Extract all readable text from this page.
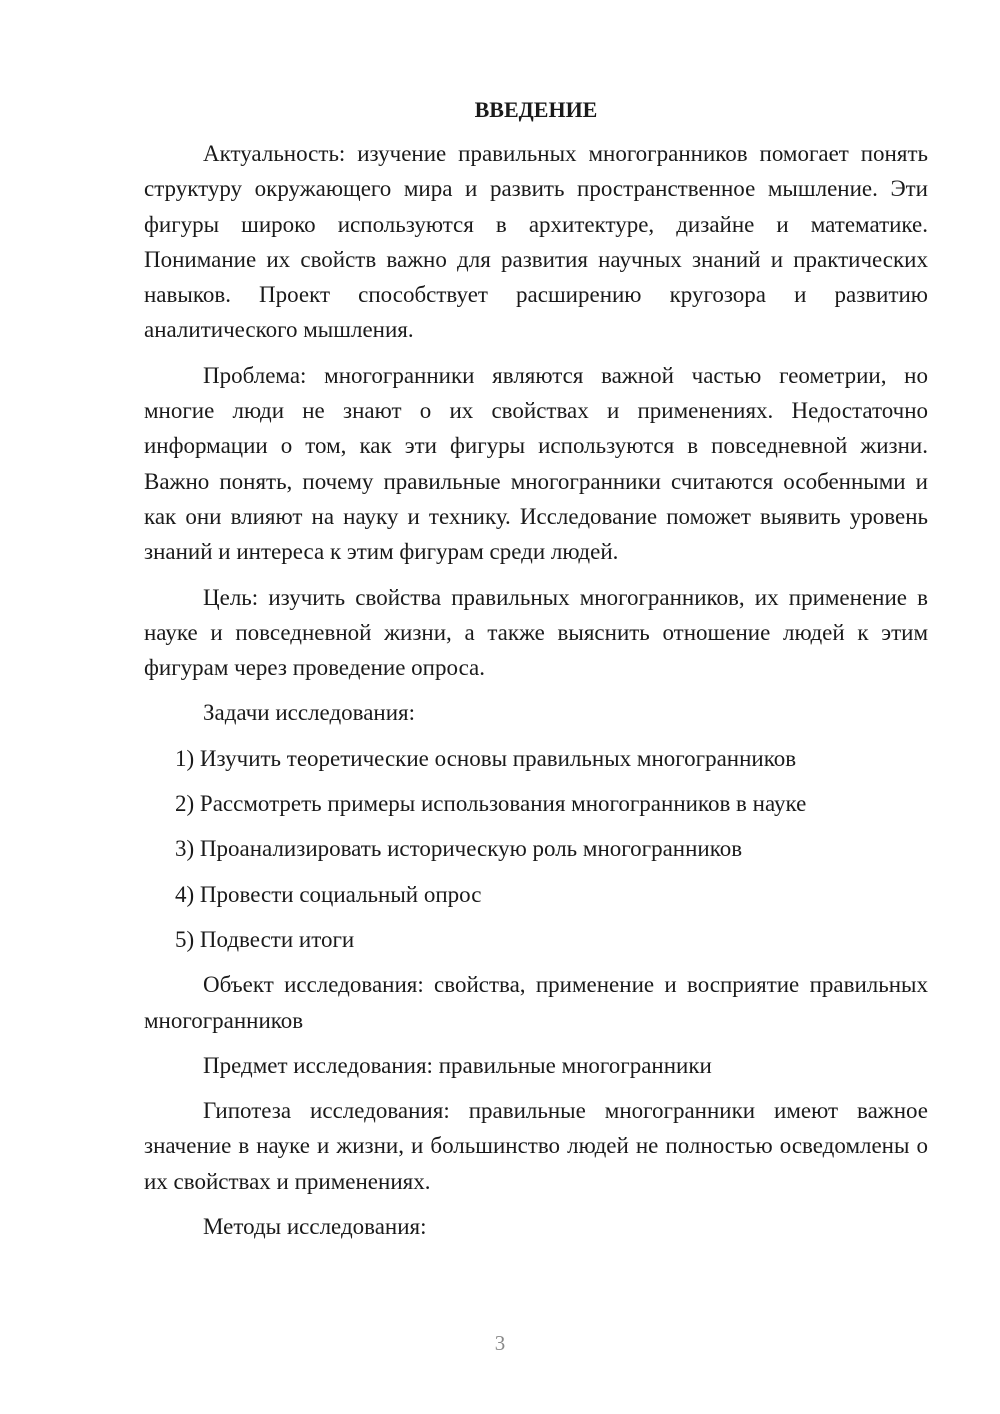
ВВЕДЕНИЕ

Актуальность: изучение правильных многогранников помогает понять структуру окружающего мира и развить пространственное мышление. Эти фигуры широко используются в архитектуре, дизайне и математике. Понимание их свойств важно для развития научных знаний и практических навыков. Проект способствует расширению кругозора и развитию аналитического мышления.

Проблема: многогранники являются важной частью геометрии, но многие люди не знают о их свойствах и применениях. Недостаточно информации о том, как эти фигуры используются в повседневной жизни. Важно понять, почему правильные многогранники считаются особенными и как они влияют на науку и технику. Исследование поможет выявить уровень знаний и интереса к этим фигурам среди людей.

Цель: изучить свойства правильных многогранников, их применение в науке и повседневной жизни, а также выяснить отношение людей к этим фигурам через проведение опроса.

Задачи исследования:

1) Изучить теоретические основы правильных многогранников
2) Рассмотреть примеры использования многогранников в науке
3) Проанализировать историческую роль многогранников
4) Провести социальный опрос
5) Подвести итоги

Объект исследования: свойства, применение и восприятие правильных многогранников

Предмет исследования: правильные многогранники

Гипотеза исследования: правильные многогранники имеют важное значение в науке и жизни, и большинство людей не полностью осведомлены о их свойствах и применениях.

Методы исследования:

3
